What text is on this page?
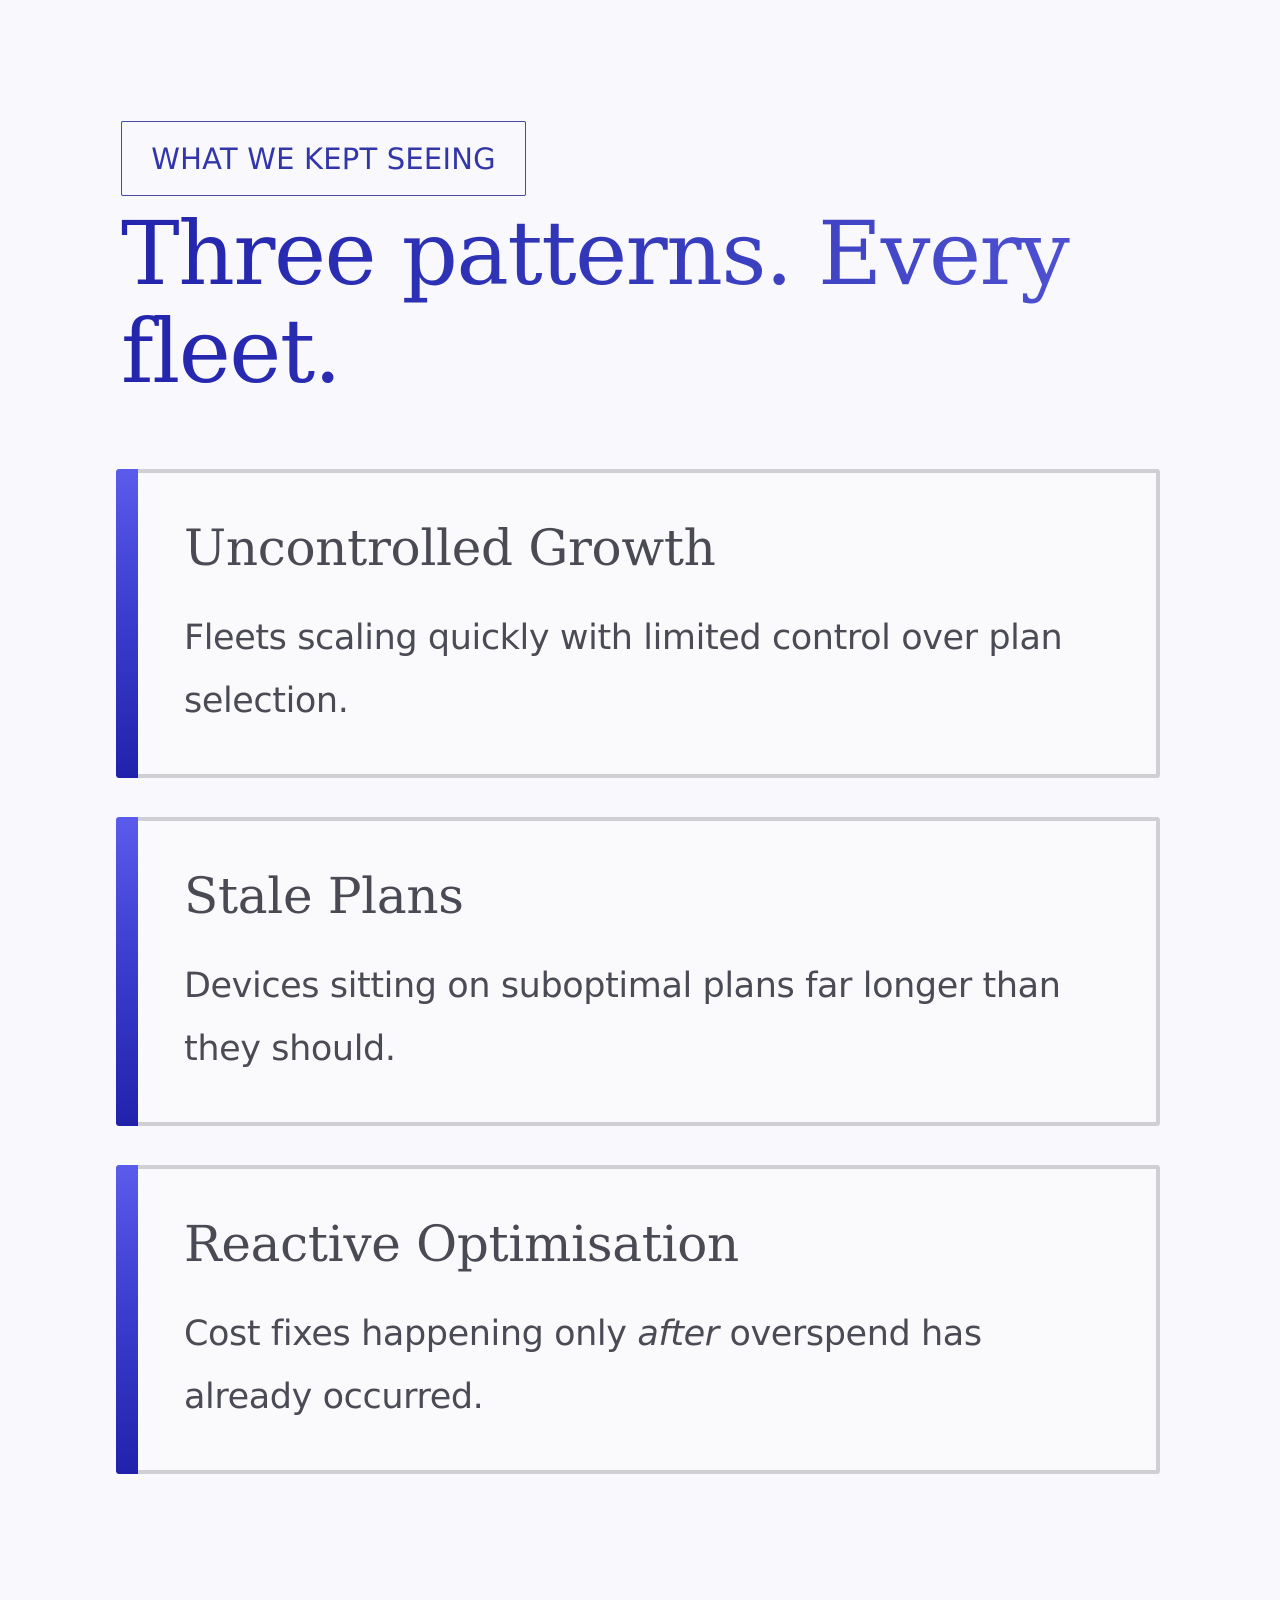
WHAT WE KEPT SEEING
Three patterns. Every fleet.
Uncontrolled Growth

Fleets scaling quickly with limited control over plan selection.

Stale Plans

Devices sitting on suboptimal plans far longer than they should.

Reactive Optimisation

Cost fixes happening only after overspend has already occurred.
